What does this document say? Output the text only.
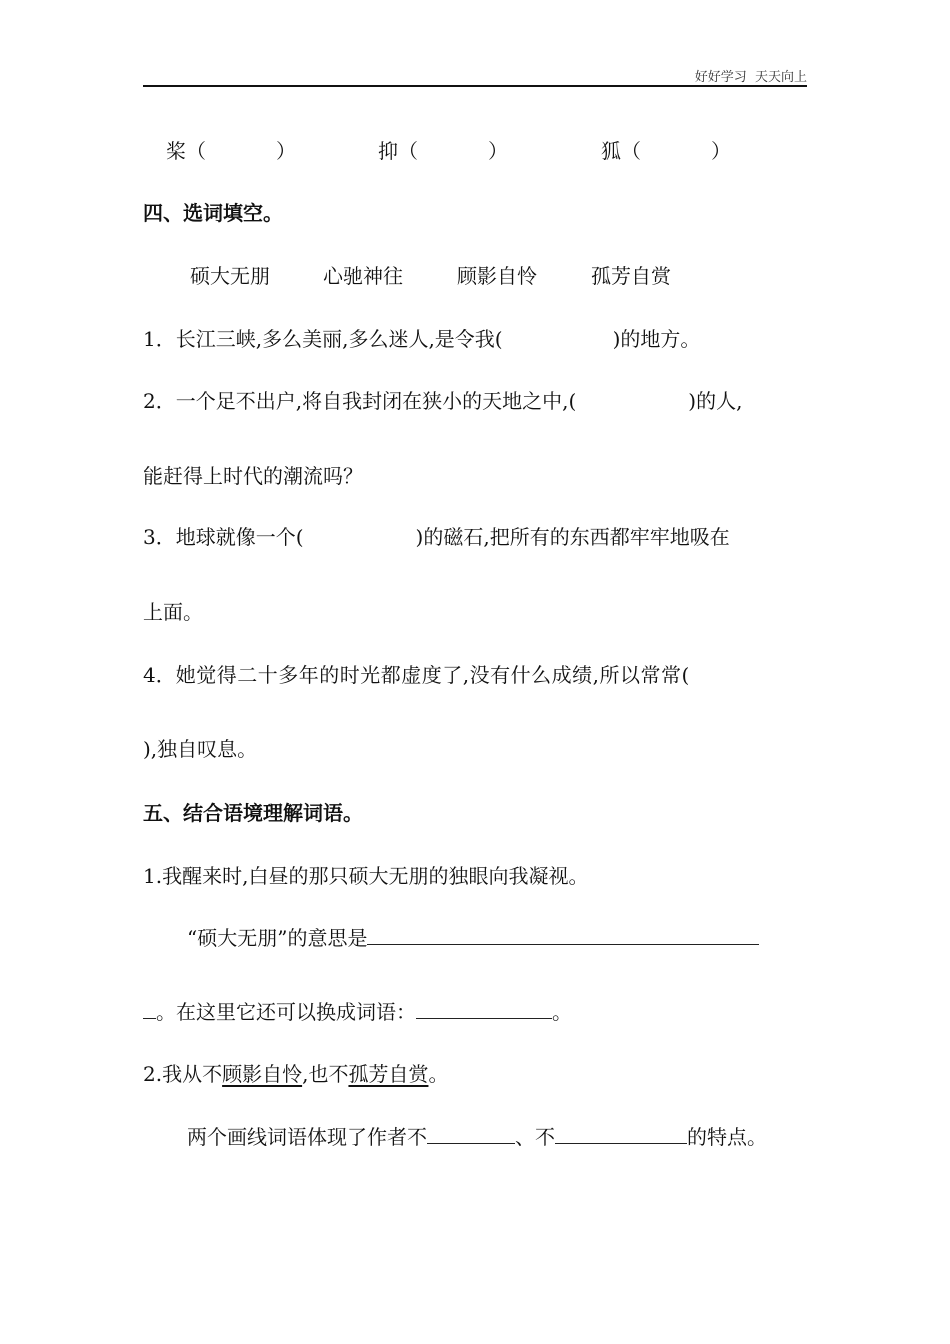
好好学习  天天向上
桨（	）	抑（	）	狐（	）
四、选词填空。
硕大无朋	心驰神往	顾影自怜	孤芳自赏
1．长江三峡,多么美丽,多么迷人,是令我(	)的地方。
2．一个足不出户,将自我封闭在狭小的天地之中,(	)的人,
能赶得上时代的潮流吗？
3．地球就像一个(	)的磁石,把所有的东西都牢牢地吸在
上面。
4．她觉得二十多年的时光都虚度了,没有什么成绩,所以常常(
),独自叹息。
五、结合语境理解词语。
1.我醒来时,白昼的那只硕大无朋的独眼向我凝视。
“硕大无朋”的意思是
。在这里它还可以换成词语：	。
2.我从不顾影自怜,也不孤芳自赏。
两个画线词语体现了作者不	、不	的特点。
